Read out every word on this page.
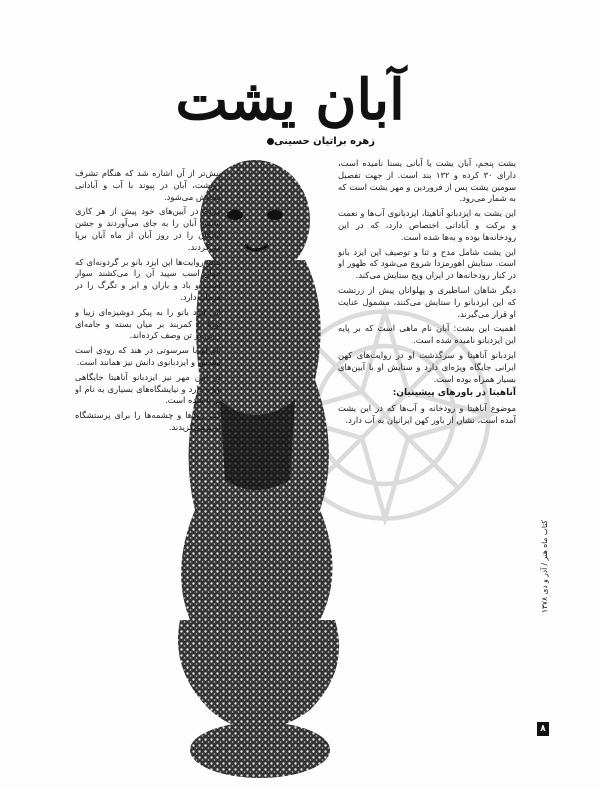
آبان یشت
زهره براتیان حسینی

یشت پنجم، آبان یشت یا آبانی ‌یسنا نامیده است، دارای ۳۰ کرده و ۱۳۲ بند است. از جهت تفصیل سومین یشت پس از فروردین و مهر یشت است که به شمار می‌رود.

این یشت به ایزدبانو آناهیتا، ایزدبانوی آب‌ها و نعمت و برکت و آبادانی اختصاص دارد، که در این رودخانه‌ها بوده و به‌ها شده است.

این یشت شامل مدح و ثنا و توصیف این ایزد بانو است. ستایش اهورمزدا شروع می‌شود که ظهور او در کنار رودخانه‌ها در ایران ویج ستایش می‌کند.

دیگر شاهان اساطیری و پهلوانان پیش از زرتشت که این ایزدبانو را ستایش می‌کنند، مشمول عنایت او قرار می‌گیرند.

اهمیت این یشت: آبان نام ماهی است که بر پایه این ایزدبانو نامیده شده است.

ایزدبانو آناهیتا و سرگذشت او در روایت‌های کهن ایرانی جایگاه ویژه‌ای دارد و ستایش او با آیین‌های بسیار همراه بوده است.

آناهیتا در باورهای پیشینیان:

موضوع آناهیتا و رودخانه و آب‌ها که در این یشت آمده است، نشان از باور کهن ایرانیان به آب دارد.

پیش‌تر از آن اشاره شد که هنگام تشرف زرتشت، آبان در پیوند با آب و آبادانی ستایش می‌شود.

مردم در آیین‌های خود پیش از هر کاری نیایش آبان را به جای می‌آوردند و جشن آبانگان را در روز آبان از ماه آبان برپا می‌کردند.

بنابر روایت‌ها این ایزد بانو بر گردونه‌ای که چهار اسب سپید آن را می‌کشند سوار است و باد و باران و ابر و تگرگ را در فرمان دارد.

این ایزد بانو را به پیکر دوشیزه‌ای زیبا و توانا با کمربند بر میان بسته و جامه‌ای زرین بر تن وصف کرده‌اند.

نام او با سرسوتی در هند که رودی است مقدس و ایزدبانوی دانش نیز همانند است.

در آیین مهر نیز ایزدبانو آناهیتا جایگاهی ویژه دارد و نیایشگاه‌های بسیاری به نام او بر پا شده است.

کنار رودها و چشمه‌ها را برای پرستشگاه او برمی‌گزیدند.

کتاب ماه هنر / آذر و دی ۱۳۷۸
۸
